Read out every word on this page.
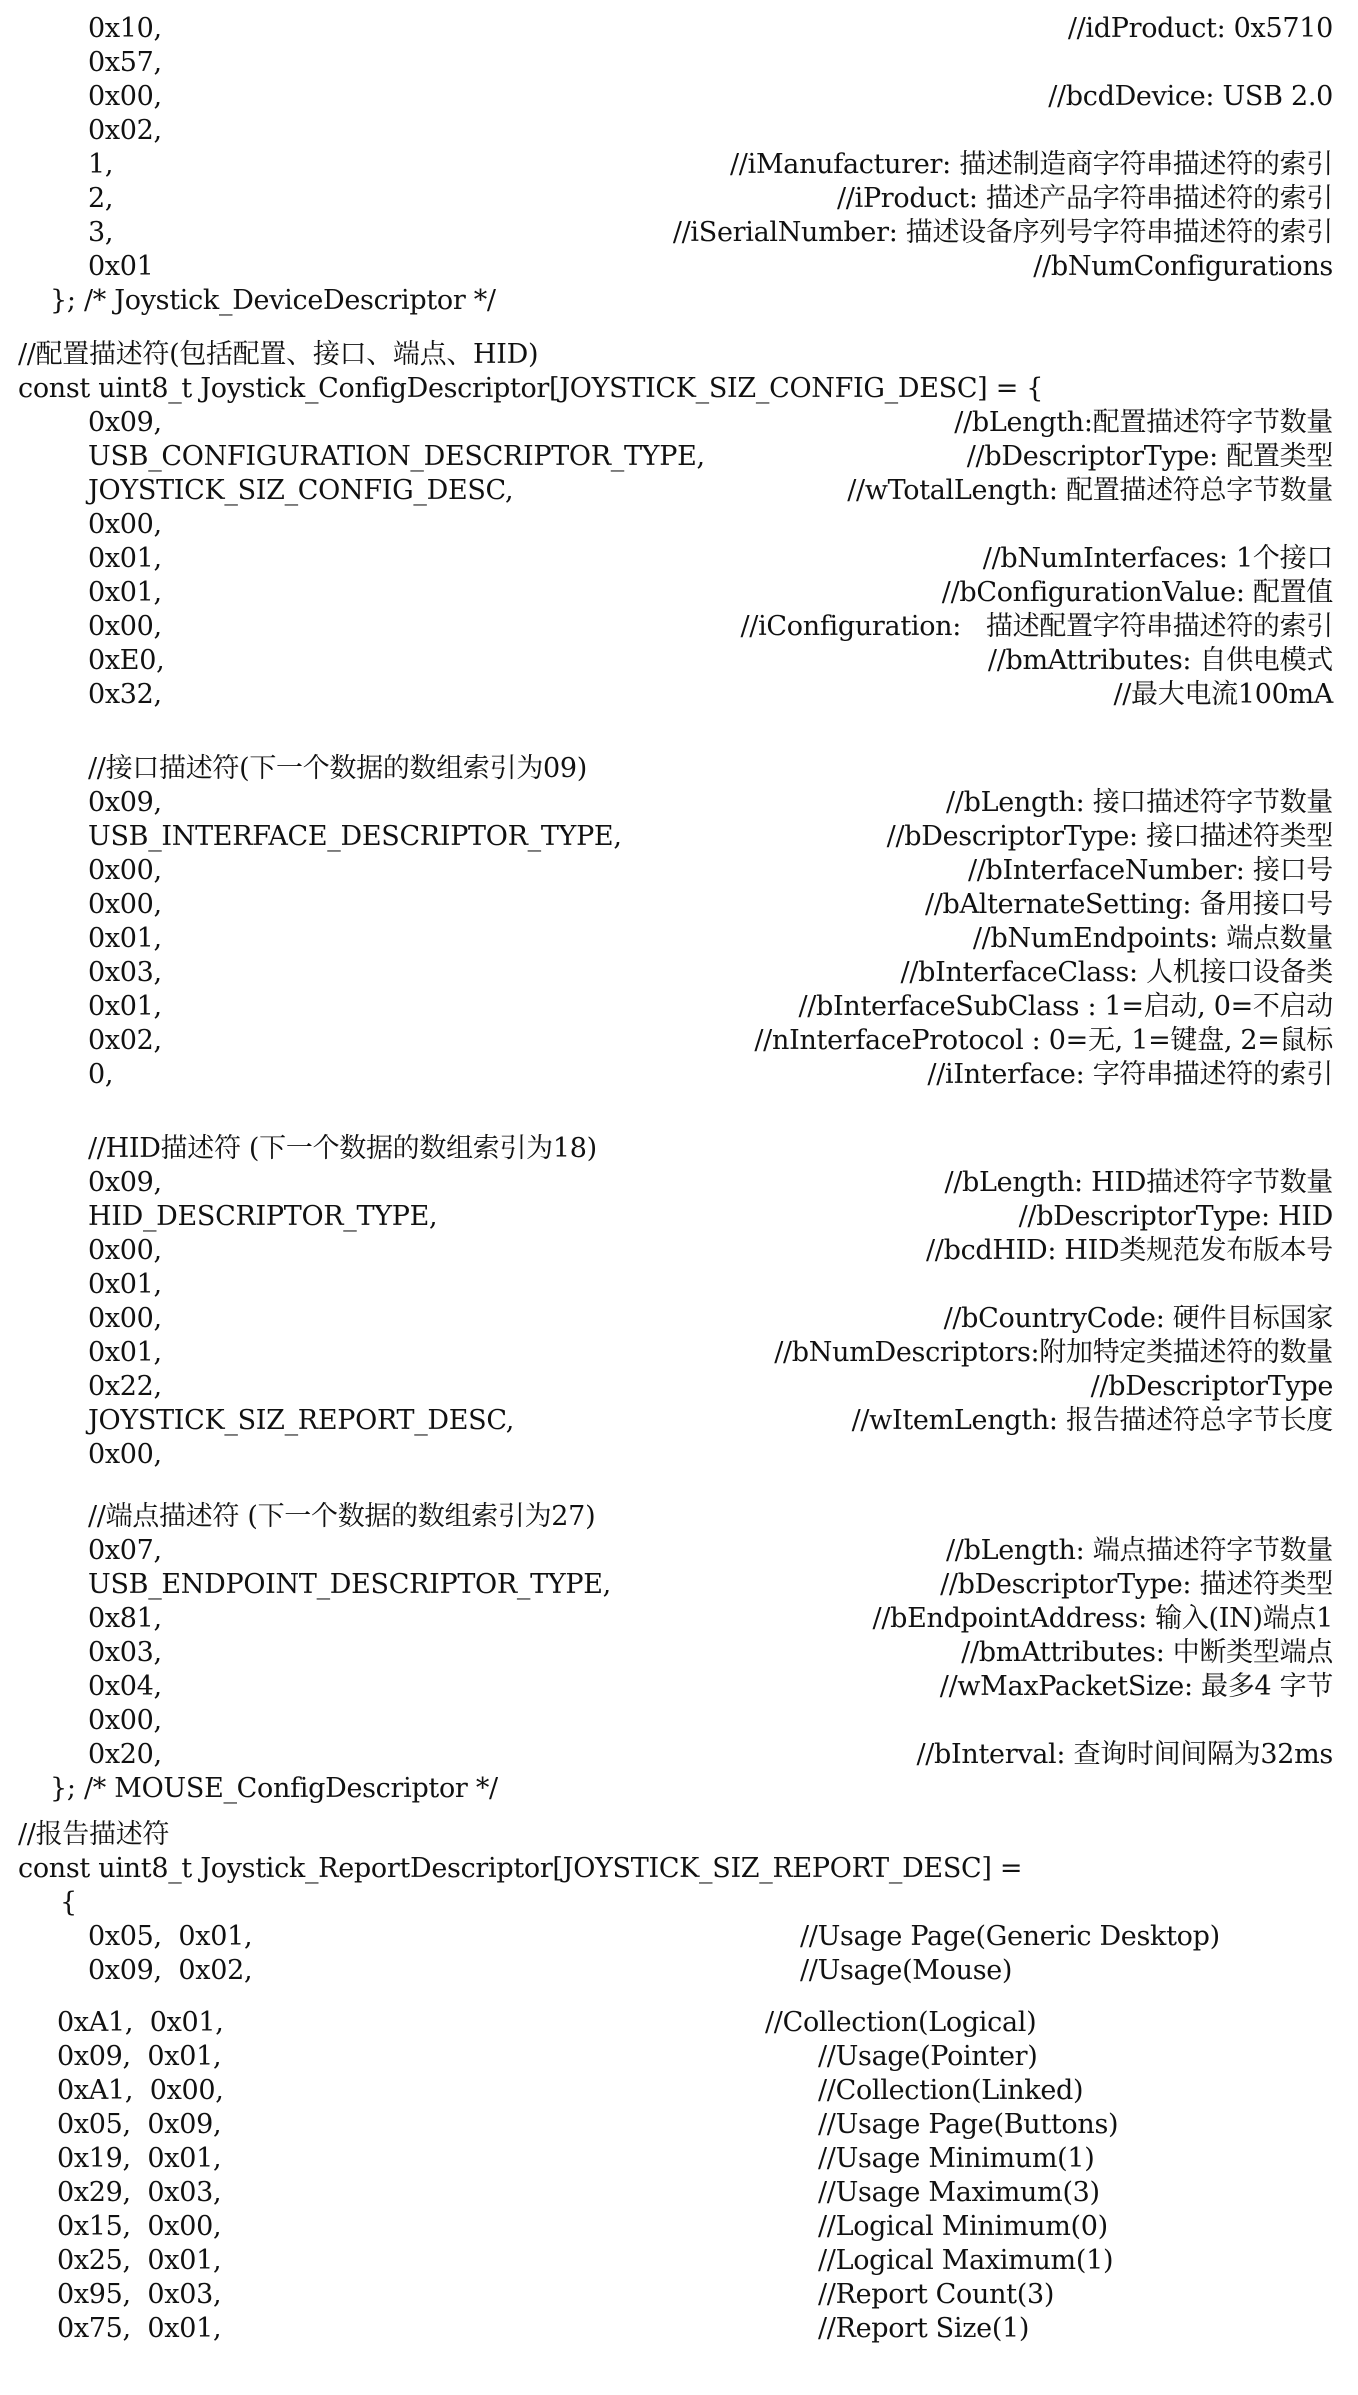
0x10,	//idProduct: 0x5710
0x57,
0x00,	//bcdDevice: USB 2.0
0x02,
1,	//iManufacturer: 描述制造商字符串描述符的索引
2,	//iProduct: 描述产品字符串描述符的索引
3,	//iSerialNumber: 描述设备序列号字符串描述符的索引
0x01	//bNumConfigurations
}; /* Joystick_DeviceDescriptor */
//配置描述符(包括配置、接口、端点、HID)
const uint8_t Joystick_ConfigDescriptor[JOYSTICK_SIZ_CONFIG_DESC] = {
0x09,	//bLength:配置描述符字节数量
USB_CONFIGURATION_DESCRIPTOR_TYPE,	//bDescriptorType: 配置类型
JOYSTICK_SIZ_CONFIG_DESC,	//wTotalLength: 配置描述符总字节数量
0x00,
0x01,	//bNumInterfaces: 1个接口
0x01,	//bConfigurationValue: 配置值
0x00,	//iConfiguration:   描述配置字符串描述符的索引
0xE0,	//bmAttributes: 自供电模式
0x32,	//最大电流100mA
//接口描述符(下一个数据的数组索引为09)
0x09,	//bLength: 接口描述符字节数量
USB_INTERFACE_DESCRIPTOR_TYPE,	//bDescriptorType: 接口描述符类型
0x00,	//bInterfaceNumber: 接口号
0x00,	//bAlternateSetting: 备用接口号
0x01,	//bNumEndpoints: 端点数量
0x03,	//bInterfaceClass: 人机接口设备类
0x01,	//bInterfaceSubClass : 1=启动, 0=不启动
0x02,	//nInterfaceProtocol : 0=无, 1=键盘, 2=鼠标
0,	//iInterface: 字符串描述符的索引
//HID描述符 (下一个数据的数组索引为18)
0x09,	//bLength: HID描述符字节数量
HID_DESCRIPTOR_TYPE,	//bDescriptorType: HID
0x00,	//bcdHID: HID类规范发布版本号
0x01,
0x00,	//bCountryCode: 硬件目标国家
0x01,	//bNumDescriptors:附加特定类描述符的数量
0x22,	//bDescriptorType
JOYSTICK_SIZ_REPORT_DESC,	//wItemLength: 报告描述符总字节长度
0x00,
//端点描述符 (下一个数据的数组索引为27)
0x07,	//bLength: 端点描述符字节数量
USB_ENDPOINT_DESCRIPTOR_TYPE,	//bDescriptorType: 描述符类型
0x81,	//bEndpointAddress: 输入(IN)端点1
0x03,	//bmAttributes: 中断类型端点
0x04,	//wMaxPacketSize: 最多4 字节
0x00,
0x20,	//bInterval: 查询时间间隔为32ms
}; /* MOUSE_ConfigDescriptor */
//报告描述符
const uint8_t Joystick_ReportDescriptor[JOYSTICK_SIZ_REPORT_DESC] =
{
0x05,  0x01,	//Usage Page(Generic Desktop)
0x09,  0x02,	//Usage(Mouse)
0xA1,  0x01,	//Collection(Logical)
0x09,  0x01,	//Usage(Pointer)
0xA1,  0x00,	//Collection(Linked)
0x05,  0x09,	//Usage Page(Buttons)
0x19,  0x01,	//Usage Minimum(1)
0x29,  0x03,	//Usage Maximum(3)
0x15,  0x00,	//Logical Minimum(0)
0x25,  0x01,	//Logical Maximum(1)
0x95,  0x03,	//Report Count(3)
0x75,  0x01,	//Report Size(1)
